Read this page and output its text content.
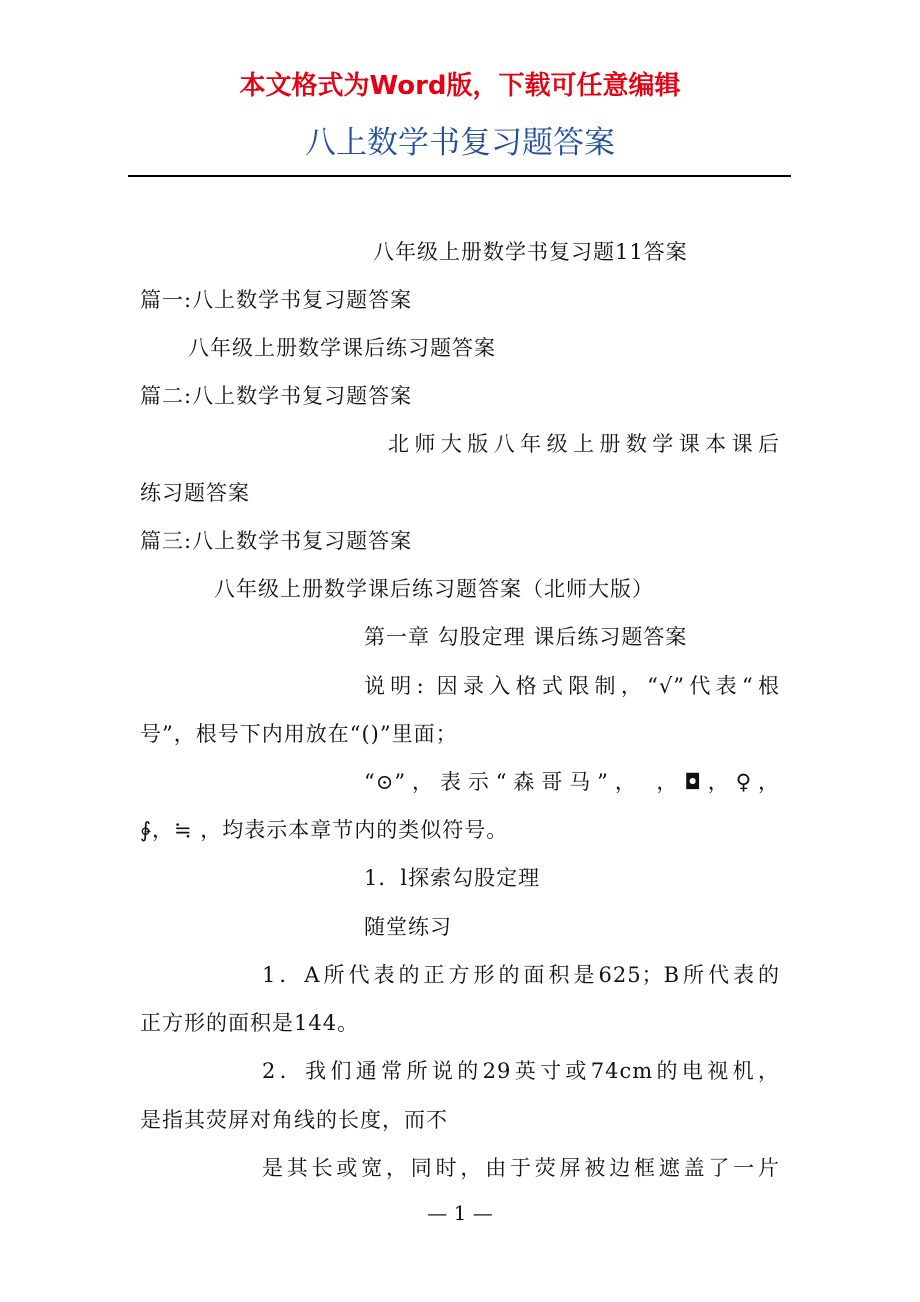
本文格式为Word版，下载可任意编辑
八上数学书复习题答案
八年级上册数学书复习题11答案
篇一:八上数学书复习题答案
八年级上册数学课后练习题答案
篇二:八上数学书复习题答案
北师大版八年级上册数学课本课后
练习题答案
篇三:八上数学书复习题答案
八年级上册数学课后练习题答案（北师大版）
第一章 勾股定理 课后练习题答案
说明: 因录入格式限制，“√”代表“根
号”，根号下内用放在“()”里面；
“⊙”，表示“森哥马”， ，◘，♀，
∳，≒ ，均表示本章节内的类似符号。
1．l探索勾股定理
随堂练习
1．A所代表的正方形的面积是625；B所代表的
正方形的面积是144。
2．我们通常所说的29英寸或74cm的电视机，
是指其荧屏对角线的长度，而不
是其长或宽，同时，由于荧屏被边框遮盖了一片
— 1 —
